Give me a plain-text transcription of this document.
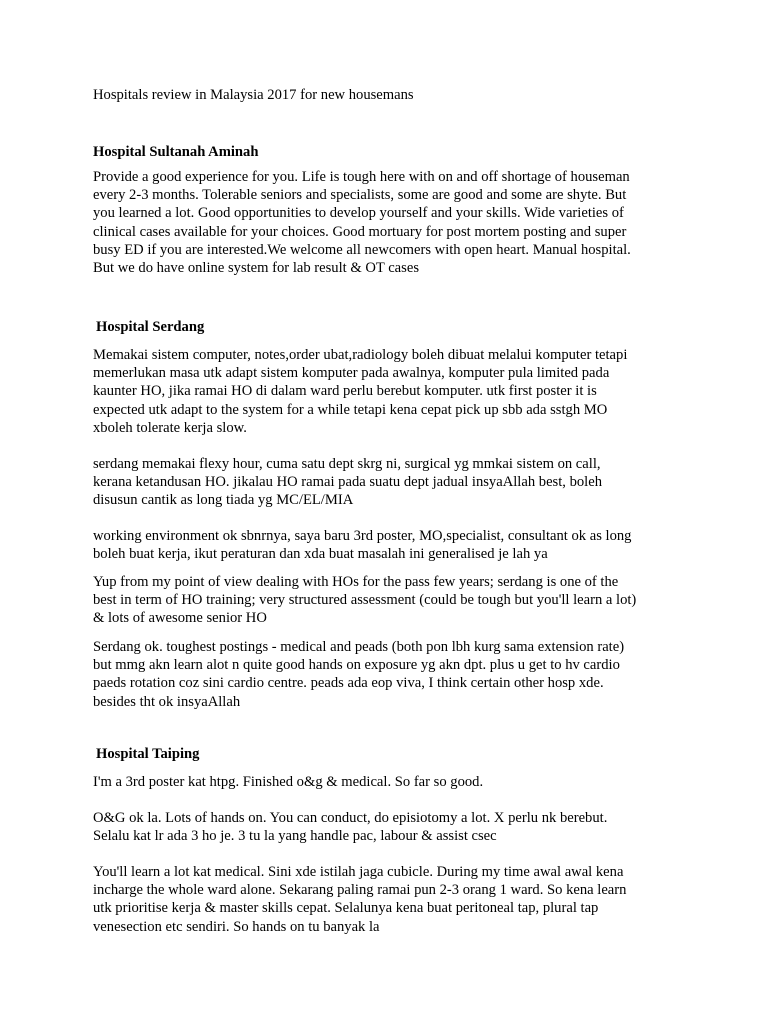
Hospitals review in Malaysia 2017 for new housemans
Hospital Sultanah Aminah

Provide a good experience for you. Life is tough here with on and off shortage of houseman
every 2-3 months. Tolerable seniors and specialists, some are good and some are shyte. But
you learned a lot. Good opportunities to develop yourself and your skills. Wide varieties of
clinical cases available for your choices. Good mortuary for post mortem posting and super
busy ED if you are interested.We welcome all newcomers with open heart. Manual hospital.
But we do have online system for lab result & OT cases

Hospital Serdang

Memakai sistem computer, notes,order ubat,radiology boleh dibuat melalui komputer tetapi
memerlukan masa utk adapt sistem komputer pada awalnya, komputer pula limited pada
kaunter HO, jika ramai HO di dalam ward perlu berebut komputer. utk first poster it is
expected utk adapt to the system for a while tetapi kena cepat pick up sbb ada sstgh MO
xboleh tolerate kerja slow.

serdang memakai flexy hour, cuma satu dept skrg ni, surgical yg mmkai sistem on call,
kerana ketandusan HO. jikalau HO ramai pada suatu dept jadual insyaAllah best, boleh
disusun cantik as long tiada yg MC/EL/MIA

working environment ok sbnrnya, saya baru 3rd poster, MO,specialist, consultant ok as long
boleh buat kerja, ikut peraturan dan xda buat masalah ini generalised je lah ya

Yup from my point of view dealing with HOs for the pass few years; serdang is one of the
best in term of HO training; very structured assessment (could be tough but you'll learn a lot)
& lots of awesome senior HO

Serdang ok. toughest postings - medical and peads (both pon lbh kurg sama extension rate)
but mmg akn learn alot n quite good hands on exposure yg akn dpt. plus u get to hv cardio
paeds rotation coz sini cardio centre. peads ada eop viva, I think certain other hosp xde.
besides tht ok insyaAllah

Hospital Taiping

I'm a 3rd poster kat htpg. Finished o&g & medical. So far so good.

O&G ok la. Lots of hands on. You can conduct, do episiotomy a lot. X perlu nk berebut.
Selalu kat lr ada 3 ho je. 3 tu la yang handle pac, labour & assist csec

You'll learn a lot kat medical. Sini xde istilah jaga cubicle. During my time awal awal kena
incharge the whole ward alone. Sekarang paling ramai pun 2-3 orang 1 ward. So kena learn
utk prioritise kerja & master skills cepat. Selalunya kena buat peritoneal tap, plural tap
venesection etc sendiri. So hands on tu banyak la
